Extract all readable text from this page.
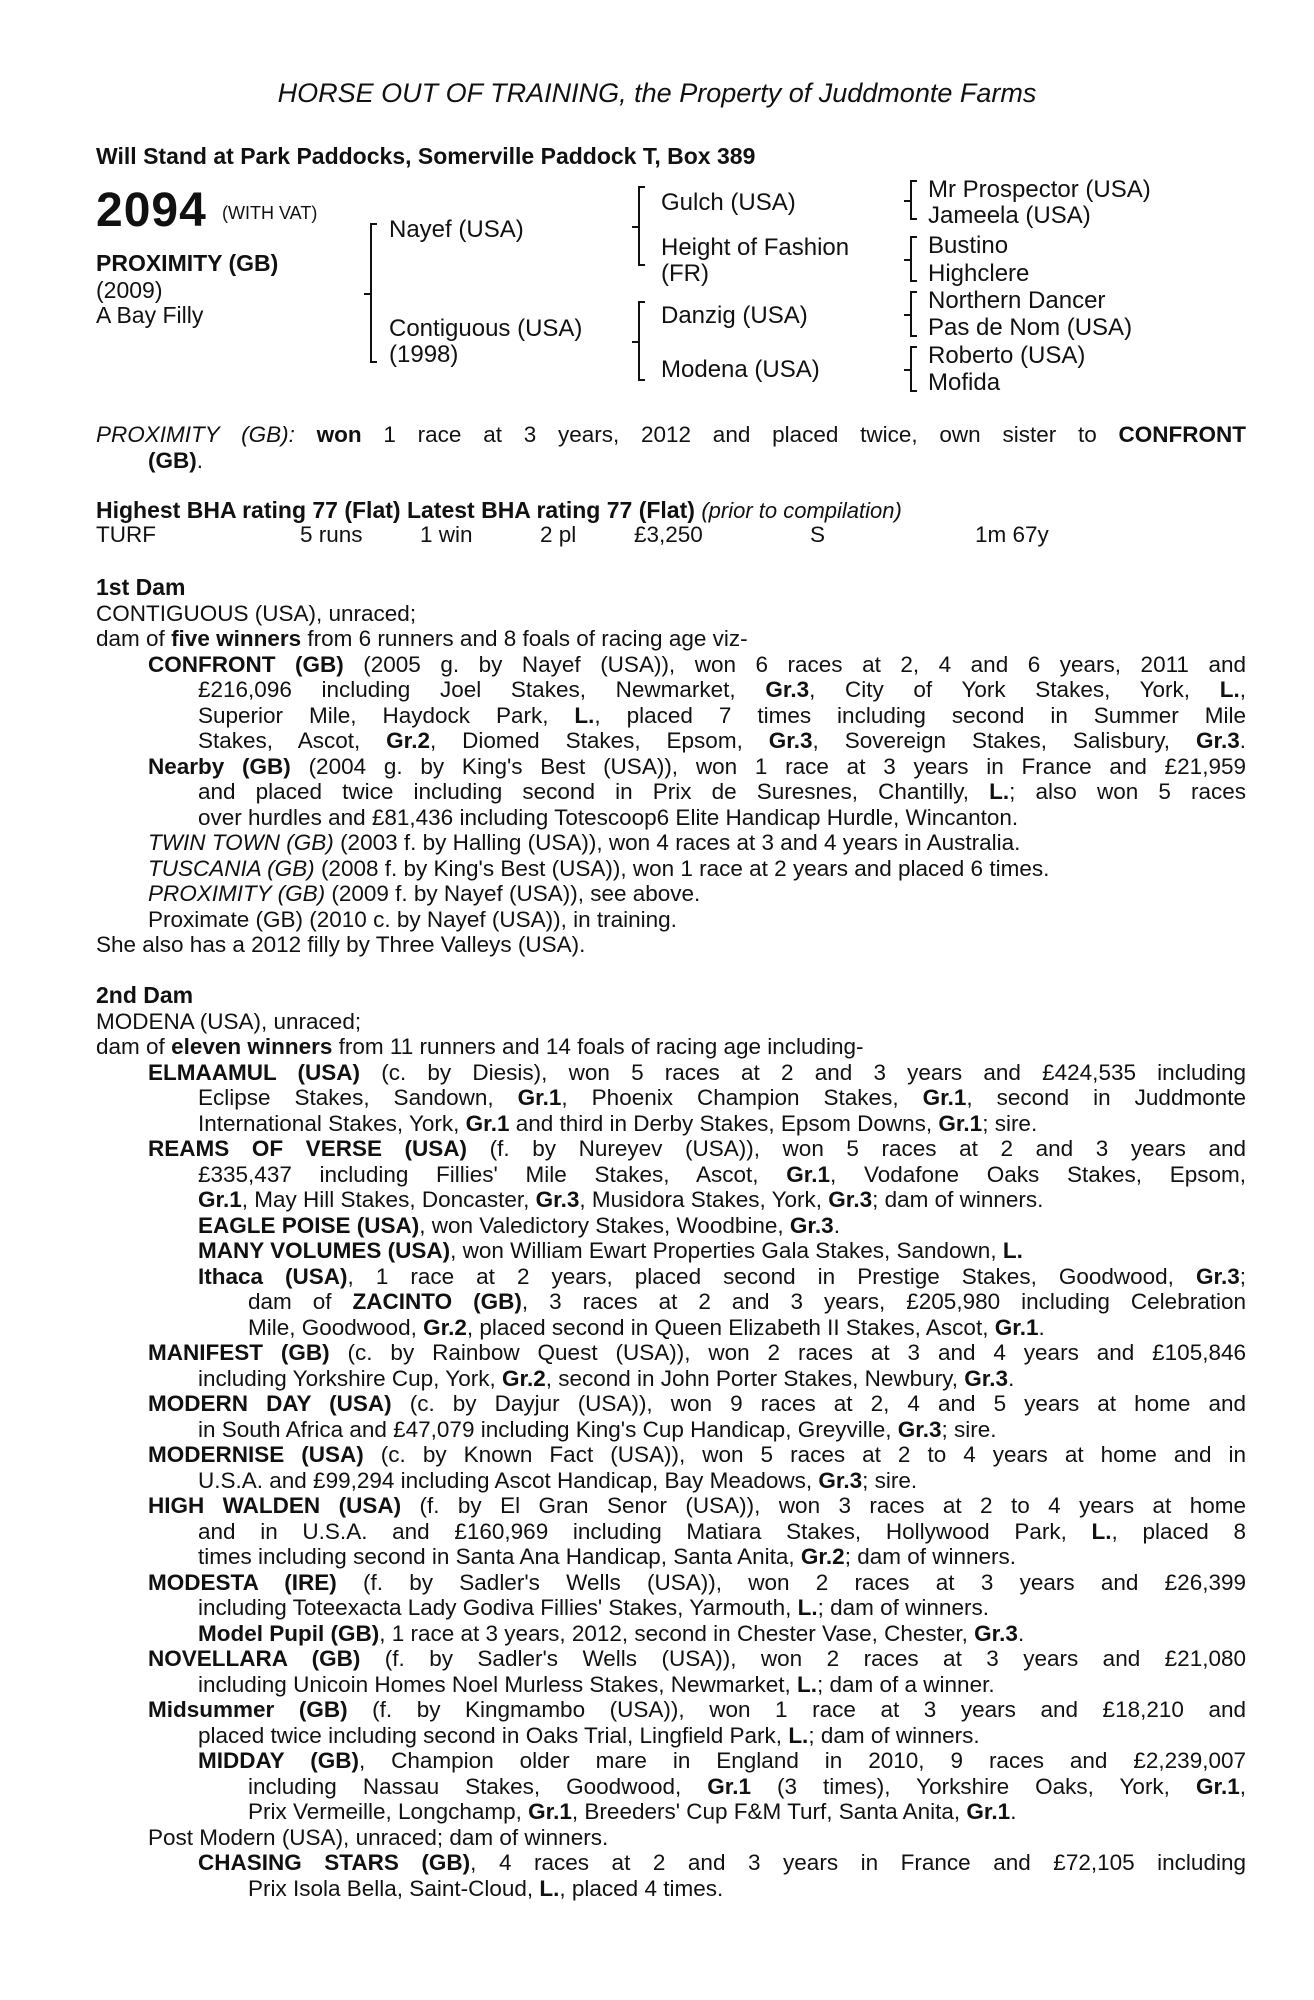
HORSE OUT OF TRAINING, the Property of Juddmonte Farms
Will Stand at Park Paddocks, Somerville Paddock T, Box 389
2094 (WITH VAT)
PROXIMITY (GB)
(2009)
A Bay Filly
Nayef (USA)
Contiguous (USA)
(1998)
Gulch (USA)
Height of Fashion
(FR)
Danzig (USA)
Modena (USA)
Mr Prospector (USA)
Jameela (USA)
Bustino
Highclere
Northern Dancer
Pas de Nom (USA)
Roberto (USA)
Mofida
PROXIMITY (GB): won 1 race at 3 years, 2012 and placed twice, own sister to CONFRONT
(GB).
Highest BHA rating 77 (Flat) Latest BHA rating 77 (Flat) (prior to compilation)
TURF	5 runs	1 win	2 pl	£3,250	S	1m 67y
1st Dam
CONTIGUOUS (USA), unraced;
dam of five winners from 6 runners and 8 foals of racing age viz-
CONFRONT (GB) (2005 g. by Nayef (USA)), won 6 races at 2, 4 and 6 years, 2011 and
£216,096 including Joel Stakes, Newmarket, Gr.3, City of York Stakes, York, L.,
Superior Mile, Haydock Park, L., placed 7 times including second in Summer Mile
Stakes, Ascot, Gr.2, Diomed Stakes, Epsom, Gr.3, Sovereign Stakes, Salisbury, Gr.3.
Nearby (GB) (2004 g. by King's Best (USA)), won 1 race at 3 years in France and £21,959
and placed twice including second in Prix de Suresnes, Chantilly, L.; also won 5 races
over hurdles and £81,436 including Totescoop6 Elite Handicap Hurdle, Wincanton.
TWIN TOWN (GB) (2003 f. by Halling (USA)), won 4 races at 3 and 4 years in Australia.
TUSCANIA (GB) (2008 f. by King's Best (USA)), won 1 race at 2 years and placed 6 times.
PROXIMITY (GB) (2009 f. by Nayef (USA)), see above.
Proximate (GB) (2010 c. by Nayef (USA)), in training.
She also has a 2012 filly by Three Valleys (USA).
2nd Dam
MODENA (USA), unraced;
dam of eleven winners from 11 runners and 14 foals of racing age including-
ELMAAMUL (USA) (c. by Diesis), won 5 races at 2 and 3 years and £424,535 including
Eclipse Stakes, Sandown, Gr.1, Phoenix Champion Stakes, Gr.1, second in Juddmonte
International Stakes, York, Gr.1 and third in Derby Stakes, Epsom Downs, Gr.1; sire.
REAMS OF VERSE (USA) (f. by Nureyev (USA)), won 5 races at 2 and 3 years and
£335,437 including Fillies' Mile Stakes, Ascot, Gr.1, Vodafone Oaks Stakes, Epsom,
Gr.1, May Hill Stakes, Doncaster, Gr.3, Musidora Stakes, York, Gr.3; dam of winners.
EAGLE POISE (USA), won Valedictory Stakes, Woodbine, Gr.3.
MANY VOLUMES (USA), won William Ewart Properties Gala Stakes, Sandown, L.
Ithaca (USA), 1 race at 2 years, placed second in Prestige Stakes, Goodwood, Gr.3;
dam of ZACINTO (GB), 3 races at 2 and 3 years, £205,980 including Celebration
Mile, Goodwood, Gr.2, placed second in Queen Elizabeth II Stakes, Ascot, Gr.1.
MANIFEST (GB) (c. by Rainbow Quest (USA)), won 2 races at 3 and 4 years and £105,846
including Yorkshire Cup, York, Gr.2, second in John Porter Stakes, Newbury, Gr.3.
MODERN DAY (USA) (c. by Dayjur (USA)), won 9 races at 2, 4 and 5 years at home and
in South Africa and £47,079 including King's Cup Handicap, Greyville, Gr.3; sire.
MODERNISE (USA) (c. by Known Fact (USA)), won 5 races at 2 to 4 years at home and in
U.S.A. and £99,294 including Ascot Handicap, Bay Meadows, Gr.3; sire.
HIGH WALDEN (USA) (f. by El Gran Senor (USA)), won 3 races at 2 to 4 years at home
and in U.S.A. and £160,969 including Matiara Stakes, Hollywood Park, L., placed 8
times including second in Santa Ana Handicap, Santa Anita, Gr.2; dam of winners.
MODESTA (IRE) (f. by Sadler's Wells (USA)), won 2 races at 3 years and £26,399
including Toteexacta Lady Godiva Fillies' Stakes, Yarmouth, L.; dam of winners.
Model Pupil (GB), 1 race at 3 years, 2012, second in Chester Vase, Chester, Gr.3.
NOVELLARA (GB) (f. by Sadler's Wells (USA)), won 2 races at 3 years and £21,080
including Unicoin Homes Noel Murless Stakes, Newmarket, L.; dam of a winner.
Midsummer (GB) (f. by Kingmambo (USA)), won 1 race at 3 years and £18,210 and
placed twice including second in Oaks Trial, Lingfield Park, L.; dam of winners.
MIDDAY (GB), Champion older mare in England in 2010, 9 races and £2,239,007
including Nassau Stakes, Goodwood, Gr.1 (3 times), Yorkshire Oaks, York, Gr.1,
Prix Vermeille, Longchamp, Gr.1, Breeders' Cup F&M Turf, Santa Anita, Gr.1.
Post Modern (USA), unraced; dam of winners.
CHASING STARS (GB), 4 races at 2 and 3 years in France and £72,105 including
Prix Isola Bella, Saint-Cloud, L., placed 4 times.
